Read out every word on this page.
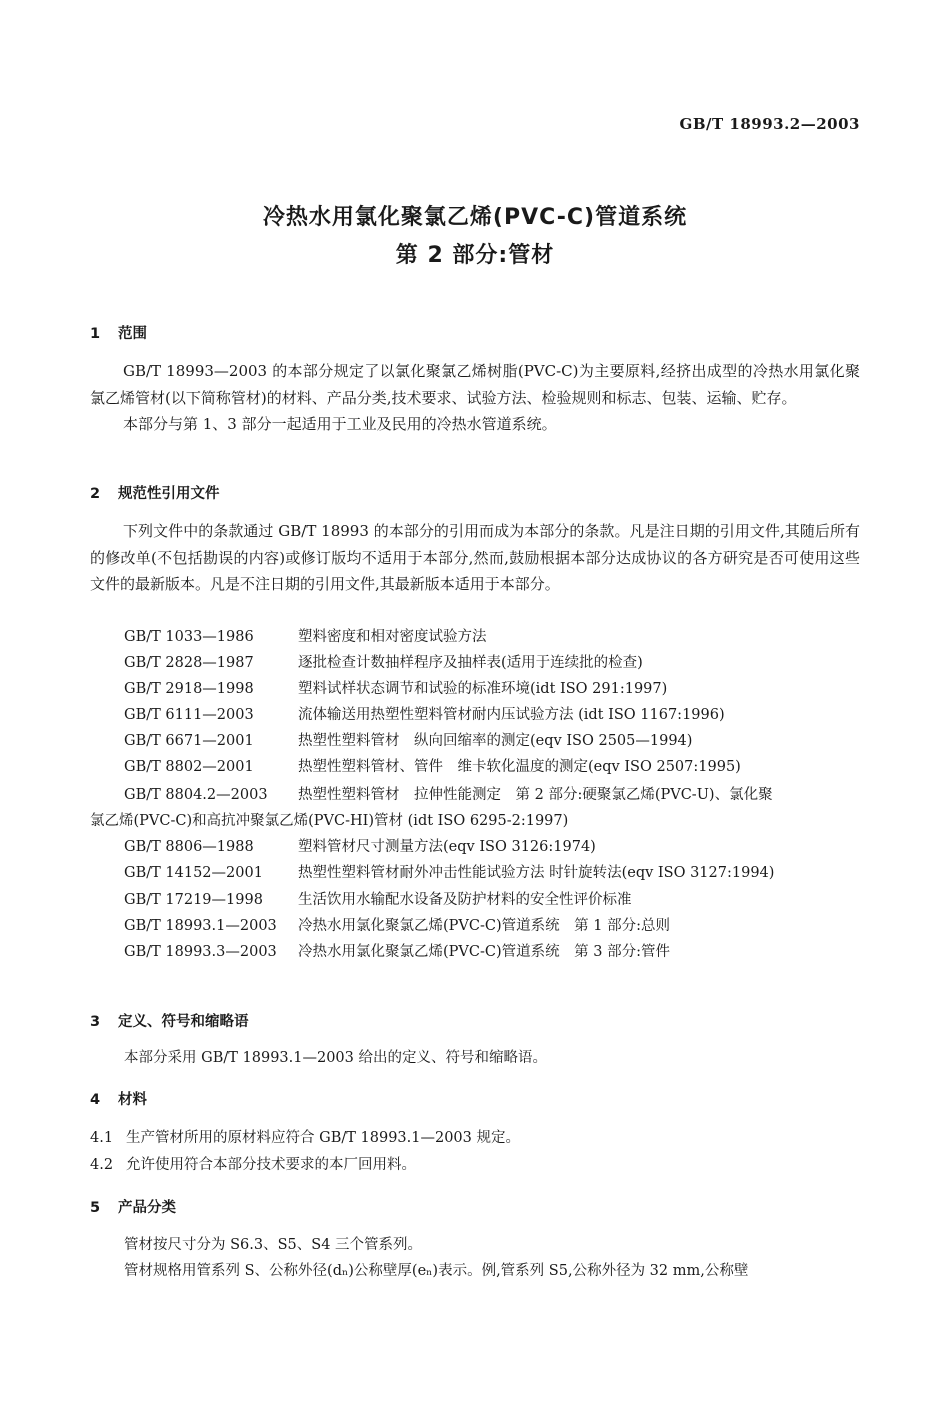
GB/T 18993.2—2003
冷热水用氯化聚氯乙烯(PVC-C)管道系统
第 2 部分:管材
1 范围

GB/T 18993—2003 的本部分规定了以氯化聚氯乙烯树脂(PVC-C)为主要原料,经挤出成型的冷热水用氯化聚氯乙烯管材(以下简称管材)的材料、产品分类,技术要求、试验方法、检验规则和标志、包装、运输、贮存。

本部分与第 1、3 部分一起适用于工业及民用的冷热水管道系统。

2 规范性引用文件

下列文件中的条款通过 GB/T 18993 的本部分的引用而成为本部分的条款。凡是注日期的引用文件,其随后所有的修改单(不包括勘误的内容)或修订版均不适用于本部分,然而,鼓励根据本部分达成协议的各方研究是否可使用这些文件的最新版本。凡是不注日期的引用文件,其最新版本适用于本部分。

GB/T 1033—1986	塑料密度和相对密度试验方法
GB/T 2828—1987	逐批检查计数抽样程序及抽样表(适用于连续批的检查)
GB/T 2918—1998	塑料试样状态调节和试验的标准环境(idt ISO 291:1997)
GB/T 6111—2003	流体输送用热塑性塑料管材耐内压试验方法 (idt ISO 1167:1996)
GB/T 6671—2001	热塑性塑料管材　纵向回缩率的测定(eqv ISO 2505—1994)
GB/T 8802—2001	热塑性塑料管材、管件　维卡软化温度的测定(eqv ISO 2507:1995)
GB/T 8804.2—2003 热塑性塑料管材　拉伸性能测定　第 2 部分:硬聚氯乙烯(PVC-U)、氯化聚
氯乙烯(PVC-C)和高抗冲聚氯乙烯(PVC-HI)管材 (idt ISO 6295-2:1997)
GB/T 8806—1988	塑料管材尺寸测量方法(eqv ISO 3126:1974)
GB/T 14152—2001 热塑性塑料管材耐外冲击性能试验方法 时针旋转法(eqv ISO 3127:1994)
GB/T 17219—1998 生活饮用水输配水设备及防护材料的安全性评价标准
GB/T 18993.1—2003 冷热水用氯化聚氯乙烯(PVC-C)管道系统　第 1 部分:总则
GB/T 18993.3—2003 冷热水用氯化聚氯乙烯(PVC-C)管道系统　第 3 部分:管件
3 定义、符号和缩略语
本部分采用 GB/T 18993.1—2003 给出的定义、符号和缩略语。
4 材料
4.1 生产管材所用的原材料应符合 GB/T 18993.1—2003 规定。
4.2 允许使用符合本部分技术要求的本厂回用料。
5 产品分类
管材按尺寸分为 S6.3、S5、S4 三个管系列。
管材规格用管系列 S、公称外径(dₙ)公称壁厚(eₙ)表示。例,管系列 S5,公称外径为 32 mm,公称壁
